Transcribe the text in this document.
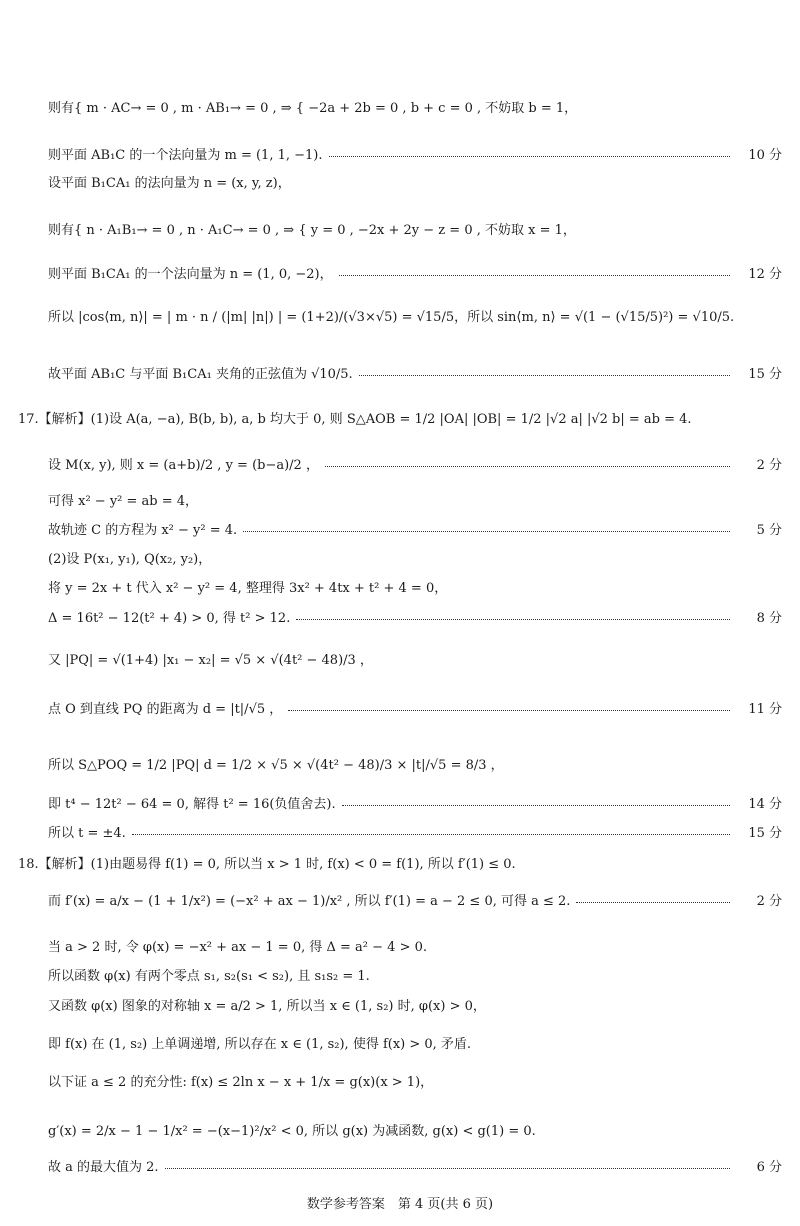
则有{ m · AC→ = 0 , m · AB₁→ = 0 , ⇒ { −2a + 2b = 0 , b + c = 0 , 不妨取 b = 1，
则平面 AB₁C 的一个法向量为 m = (1, 1, −1).	10 分
设平面 B₁CA₁ 的法向量为 n = (x, y, z)，
则有{ n · A₁B₁→ = 0 , n · A₁C→ = 0 , ⇒ { y = 0 , −2x + 2y − z = 0 , 不妨取 x = 1，
则平面 B₁CA₁ 的一个法向量为 n = (1, 0, −2)，	12 分
所以 |cos⟨m, n⟩| = | m · n / (|m| |n|) | = (1+2)/(√3×√5) = √15/5，所以 sin⟨m, n⟩ = √(1 − (√15/5)²) = √10/5.
故平面 AB₁C 与平面 B₁CA₁ 夹角的正弦值为 √10/5.	15 分
17.【解析】(1)设 A(a, −a), B(b, b), a, b 均大于 0, 则 S△AOB = 1/2 |OA| |OB| = 1/2 |√2 a| |√2 b| = ab = 4.
设 M(x, y), 则 x = (a+b)/2 , y = (b−a)/2 ，	2 分
可得 x² − y² = ab = 4，
故轨迹 C 的方程为 x² − y² = 4.	5 分
(2)设 P(x₁, y₁), Q(x₂, y₂)，
将 y = 2x + t 代入 x² − y² = 4, 整理得 3x² + 4tx + t² + 4 = 0，
Δ = 16t² − 12(t² + 4) > 0, 得 t² > 12.	8 分
又 |PQ| = √(1+4) |x₁ − x₂| = √5 × √(4t² − 48)/3 ，
点 O 到直线 PQ 的距离为 d = |t|/√5 ，	11 分
所以 S△POQ = 1/2 |PQ| d = 1/2 × √5 × √(4t² − 48)/3 × |t|/√5 = 8/3 ，
即 t⁴ − 12t² − 64 = 0, 解得 t² = 16(负值舍去).	14 分
所以 t = ±4.	15 分
18.【解析】(1)由题易得 f(1) = 0, 所以当 x > 1 时, f(x) < 0 = f(1), 所以 f′(1) ≤ 0.
而 f′(x) = a/x − (1 + 1/x²) = (−x² + ax − 1)/x² , 所以 f′(1) = a − 2 ≤ 0, 可得 a ≤ 2.	2 分
当 a > 2 时, 令 φ(x) = −x² + ax − 1 = 0, 得 Δ = a² − 4 > 0.
所以函数 φ(x) 有两个零点 s₁, s₂(s₁ < s₂), 且 s₁s₂ = 1.
又函数 φ(x) 图象的对称轴 x = a/2 > 1, 所以当 x ∈ (1, s₂) 时, φ(x) > 0，
即 f(x) 在 (1, s₂) 上单调递增, 所以存在 x ∈ (1, s₂), 使得 f(x) > 0, 矛盾.
以下证 a ≤ 2 的充分性: f(x) ≤ 2ln x − x + 1/x = g(x)(x > 1)，
g′(x) = 2/x − 1 − 1/x² = −(x−1)²/x² < 0, 所以 g(x) 为减函数, g(x) < g(1) = 0.
故 a 的最大值为 2.	6 分
数学参考答案　第 4 页(共 6 页)
